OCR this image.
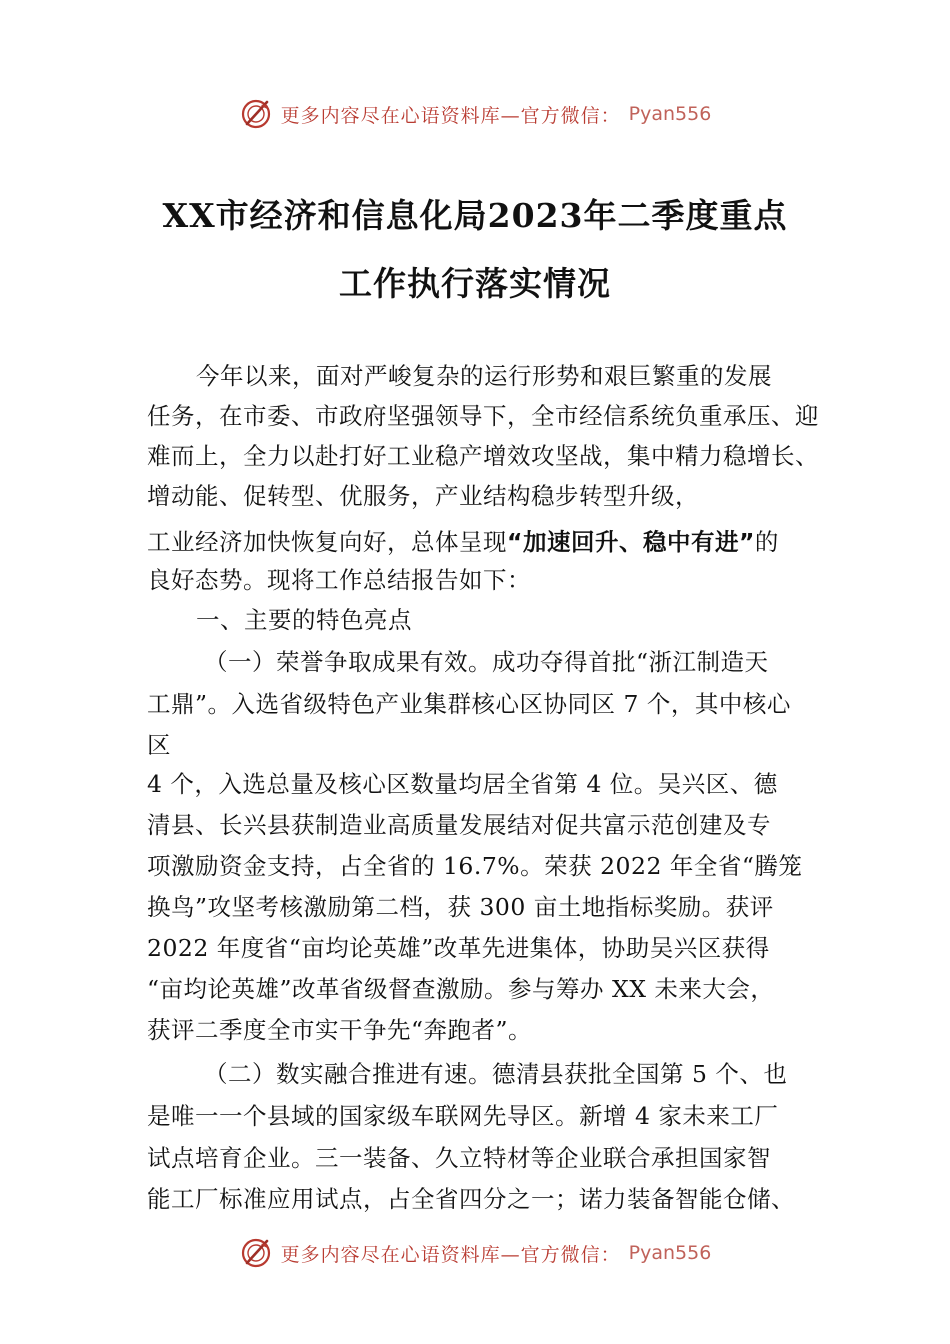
更多内容尽在心语资料库—官方微信： Pyan556
XX市经济和信息化局2023年二季度重点
工作执行落实情况
今年以来，面对严峻复杂的运行形势和艰巨繁重的发展
任务，在市委、市政府坚强领导下，全市经信系统负重承压、迎
难而上，全力以赴打好工业稳产增效攻坚战，集中精力稳增长、
增动能、促转型、优服务，产业结构稳步转型升级，
工业经济加快恢复向好，总体呈现“加速回升、稳中有进”的
良好态势。现将工作总结报告如下：
一、主要的特色亮点
（一）荣誉争取成果有效。成功夺得首批“浙江制造天
工鼎”。入选省级特色产业集群核心区协同区 7 个，其中核心
区
4 个，入选总量及核心区数量均居全省第 4 位。吴兴区、德
清县、长兴县获制造业高质量发展结对促共富示范创建及专
项激励资金支持，占全省的 16.7%。荣获 2022 年全省“腾笼
换鸟”攻坚考核激励第二档，获 300 亩土地指标奖励。获评
2022 年度省“亩均论英雄”改革先进集体，协助吴兴区获得
“亩均论英雄”改革省级督查激励。参与筹办 XX 未来大会，
获评二季度全市实干争先“奔跑者”。
（二）数实融合推进有速。德清县获批全国第 5 个、也
是唯一一个县域的国家级车联网先导区。新增 4 家未来工厂
试点培育企业。三一装备、久立特材等企业联合承担国家智
能工厂标准应用试点，占全省四分之一；诺力装备智能仓储、
更多内容尽在心语资料库—官方微信： Pyan556
